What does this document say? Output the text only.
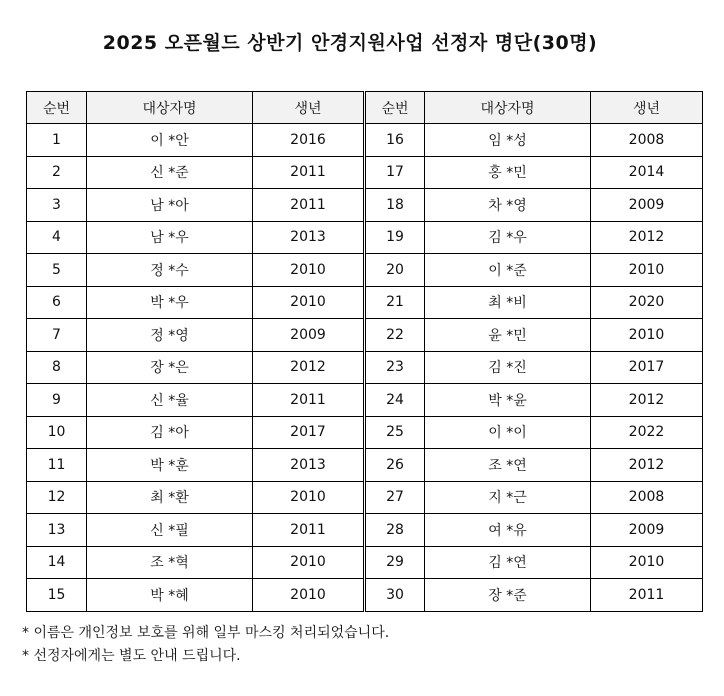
2025 오픈월드 상반기 안경지원사업 선정자 명단(30명)
순번	대상자명	생년	순번	대상자명	생년
1	이 *안	2016	16	임 *성	2008
2	신 *준	2011	17	홍 *민	2014
3	남 *아	2011	18	차 *영	2009
4	남 *우	2013	19	김 *우	2012
5	정 *수	2010	20	이 *준	2010
6	박 *우	2010	21	최 *비	2020
7	정 *영	2009	22	윤 *민	2010
8	장 *은	2012	23	김 *진	2017
9	신 *율	2011	24	박 *윤	2012
10	김 *아	2017	25	이 *이	2022
11	박 *훈	2013	26	조 *연	2012
12	최 *환	2010	27	지 *근	2008
13	신 *필	2011	28	여 *유	2009
14	조 *혁	2010	29	김 *연	2010
15	박 *혜	2010	30	장 *준	2011
* 이름은 개인정보 보호를 위해 일부 마스킹 처리되었습니다.
* 선정자에게는 별도 안내 드립니다.
